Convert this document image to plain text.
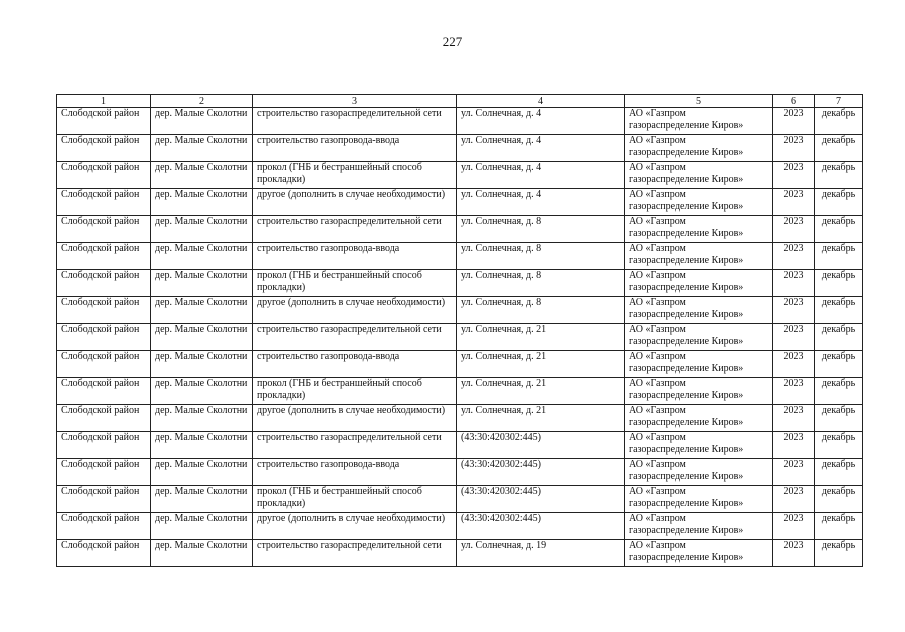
227
1	2	3	4	5	6	7
Слободской район	дер. Малые Сколотни	строительство газораспределительной сети	ул. Солнечная, д. 4	АО «Газпром газораспределение Киров»	2023	декабрь
Слободской район	дер. Малые Сколотни	строительство газопровода-ввода	ул. Солнечная, д. 4	АО «Газпром газораспределение Киров»	2023	декабрь
Слободской район	дер. Малые Сколотни	прокол (ГНБ и бестраншейный способ прокладки)	ул. Солнечная, д. 4	АО «Газпром газораспределение Киров»	2023	декабрь
Слободской район	дер. Малые Сколотни	другое (дополнить в случае необходимости)	ул. Солнечная, д. 4	АО «Газпром газораспределение Киров»	2023	декабрь
Слободской район	дер. Малые Сколотни	строительство газораспределительной сети	ул. Солнечная, д. 8	АО «Газпром газораспределение Киров»	2023	декабрь
Слободской район	дер. Малые Сколотни	строительство газопровода-ввода	ул. Солнечная, д. 8	АО «Газпром газораспределение Киров»	2023	декабрь
Слободской район	дер. Малые Сколотни	прокол (ГНБ и бестраншейный способ прокладки)	ул. Солнечная, д. 8	АО «Газпром газораспределение Киров»	2023	декабрь
Слободской район	дер. Малые Сколотни	другое (дополнить в случае необходимости)	ул. Солнечная, д. 8	АО «Газпром газораспределение Киров»	2023	декабрь
Слободской район	дер. Малые Сколотни	строительство газораспределительной сети	ул. Солнечная, д. 21	АО «Газпром газораспределение Киров»	2023	декабрь
Слободской район	дер. Малые Сколотни	строительство газопровода-ввода	ул. Солнечная, д. 21	АО «Газпром газораспределение Киров»	2023	декабрь
Слободской район	дер. Малые Сколотни	прокол (ГНБ и бестраншейный способ прокладки)	ул. Солнечная, д. 21	АО «Газпром газораспределение Киров»	2023	декабрь
Слободской район	дер. Малые Сколотни	другое (дополнить в случае необходимости)	ул. Солнечная, д. 21	АО «Газпром газораспределение Киров»	2023	декабрь
Слободской район	дер. Малые Сколотни	строительство газораспределительной сети	(43:30:420302:445)	АО «Газпром газораспределение Киров»	2023	декабрь
Слободской район	дер. Малые Сколотни	строительство газопровода-ввода	(43:30:420302:445)	АО «Газпром газораспределение Киров»	2023	декабрь
Слободской район	дер. Малые Сколотни	прокол (ГНБ и бестраншейный способ прокладки)	(43:30:420302:445)	АО «Газпром газораспределение Киров»	2023	декабрь
Слободской район	дер. Малые Сколотни	другое (дополнить в случае необходимости)	(43:30:420302:445)	АО «Газпром газораспределение Киров»	2023	декабрь
Слободской район	дер. Малые Сколотни	строительство газораспределительной сети	ул. Солнечная, д. 19	АО «Газпром газораспределение Киров»	2023	декабрь
